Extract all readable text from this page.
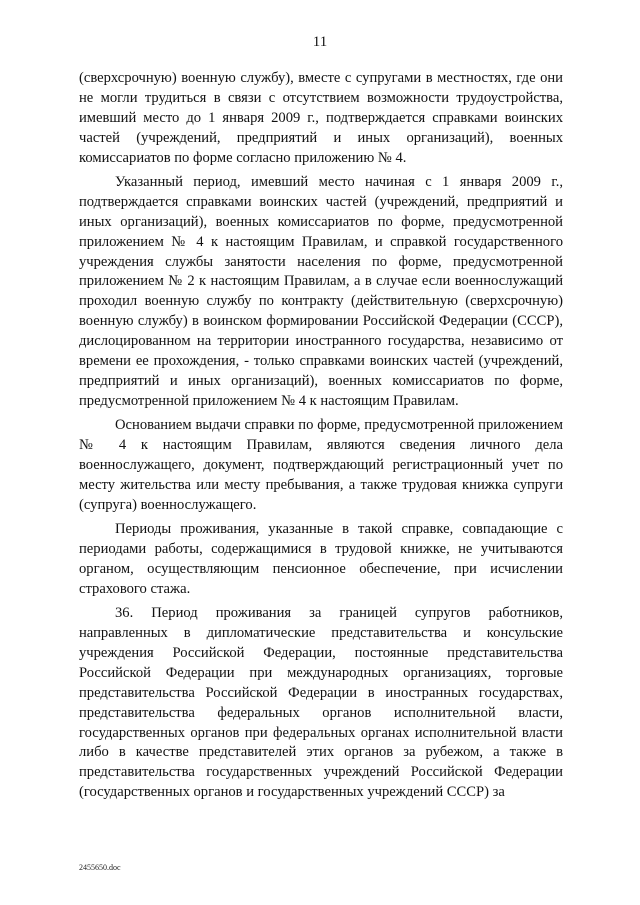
11

(сверхсрочную) военную службу), вместе с супругами в местностях, где они не могли трудиться в связи с отсутствием возможности трудоустройства, имевший место до 1 января 2009 г., подтверждается справками воинских частей (учреждений, предприятий и иных организаций), военных комиссариатов по форме согласно приложению № 4.

Указанный период, имевший место начиная с 1 января 2009 г., подтверждается справками воинских частей (учреждений, предприятий и иных организаций), военных комиссариатов по форме, предусмотренной приложением № 4 к настоящим Правилам, и справкой государственного учреждения службы занятости населения по форме, предусмотренной приложением № 2 к настоящим Правилам, а в случае если военнослужащий проходил военную службу по контракту (действительную (сверхсрочную) военную службу) в воинском формировании Российской Федерации (СССР), дислоцированном на территории иностранного государства, независимо от времени ее прохождения, - только справками воинских частей (учреждений, предприятий и иных организаций), военных комиссариатов по форме, предусмотренной приложением № 4 к настоящим Правилам.

Основанием выдачи справки по форме, предусмотренной приложением № 4 к настоящим Правилам, являются сведения личного дела военнослужащего, документ, подтверждающий регистрационный учет по месту жительства или месту пребывания, а также трудовая книжка супруги (супруга) военнослужащего.

Периоды проживания, указанные в такой справке, совпадающие с периодами работы, содержащимися в трудовой книжке, не учитываются органом, осуществляющим пенсионное обеспечение, при исчислении страхового стажа.

36. Период проживания за границей супругов работников, направленных в дипломатические представительства и консульские учреждения Российской Федерации, постоянные представительства Российской Федерации при международных организациях, торговые представительства Российской Федерации в иностранных государствах, представительства федеральных органов исполнительной власти, государственных органов при федеральных органах исполнительной власти либо в качестве представителей этих органов за рубежом, а также в представительства государственных учреждений Российской Федерации (государственных органов и государственных учреждений СССР) за

2455650.doc
